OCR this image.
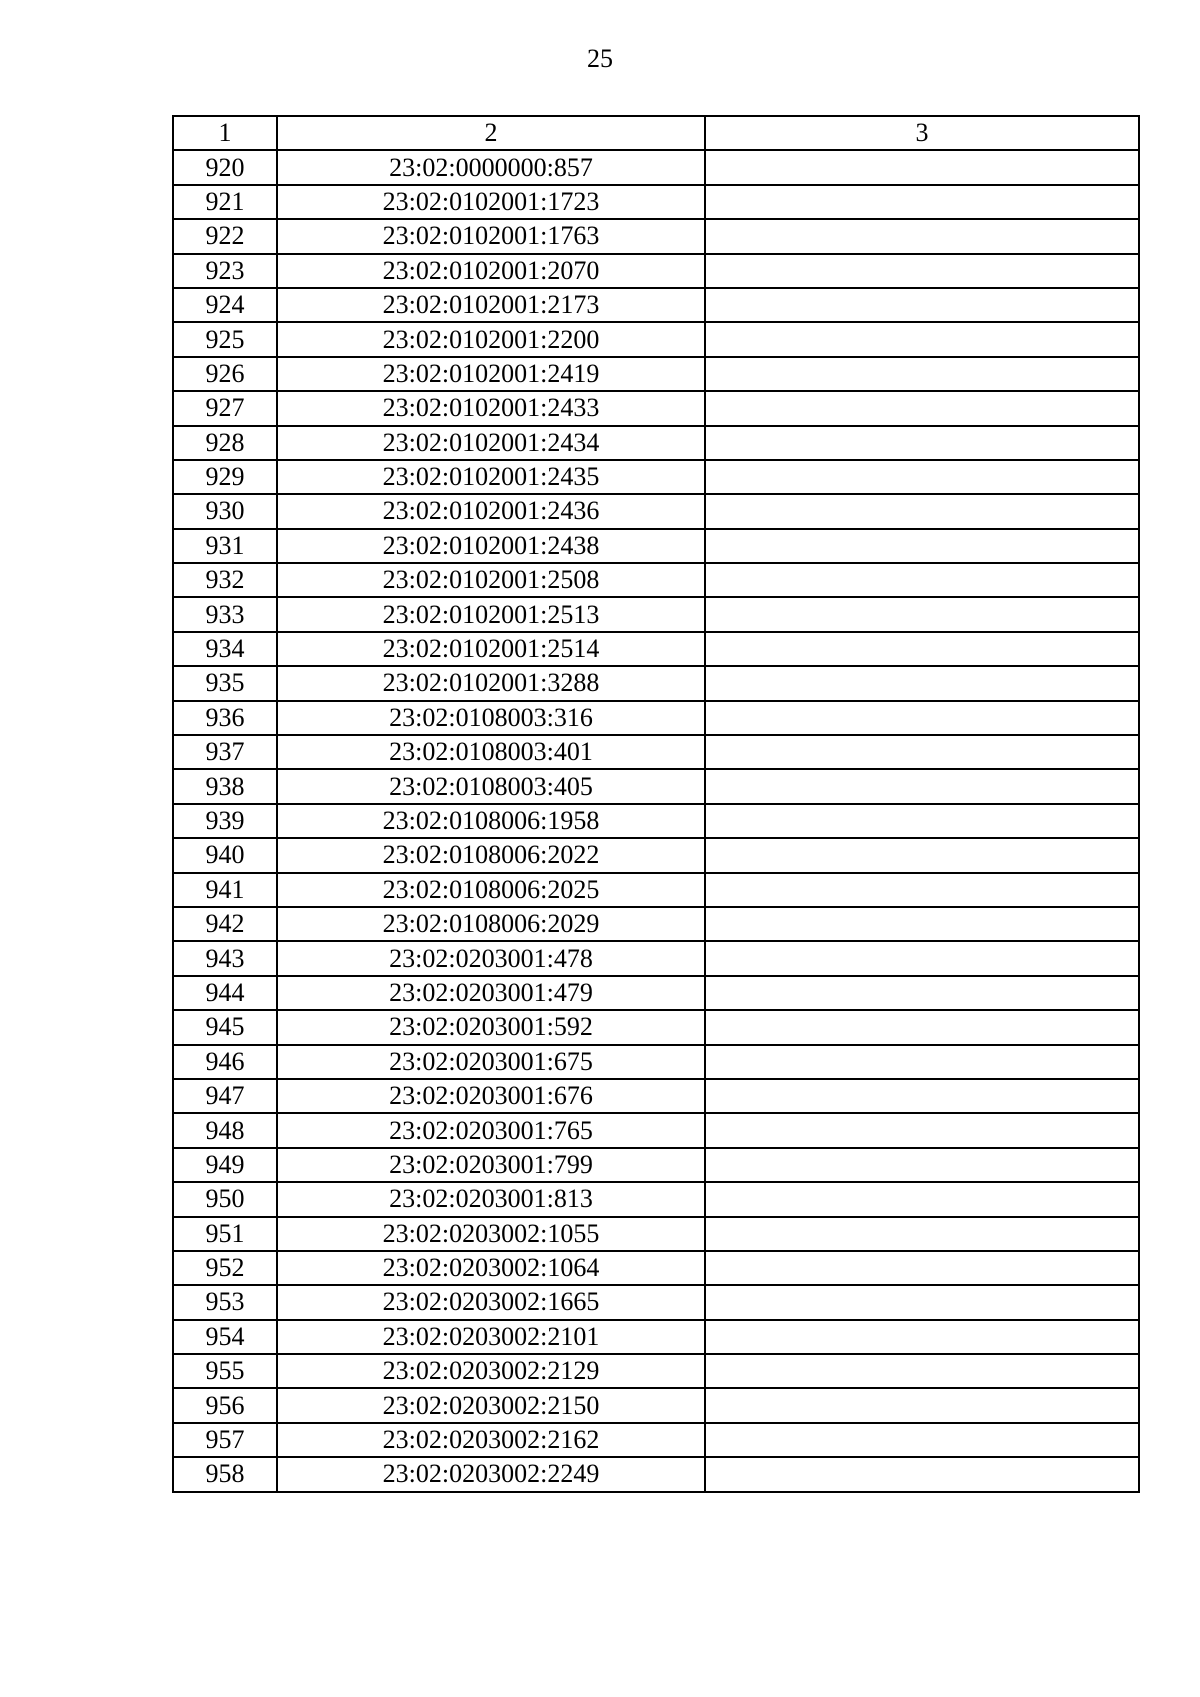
25
1	2	3
920	23:02:0000000:857	
921	23:02:0102001:1723	
922	23:02:0102001:1763	
923	23:02:0102001:2070	
924	23:02:0102001:2173	
925	23:02:0102001:2200	
926	23:02:0102001:2419	
927	23:02:0102001:2433	
928	23:02:0102001:2434	
929	23:02:0102001:2435	
930	23:02:0102001:2436	
931	23:02:0102001:2438	
932	23:02:0102001:2508	
933	23:02:0102001:2513	
934	23:02:0102001:2514	
935	23:02:0102001:3288	
936	23:02:0108003:316	
937	23:02:0108003:401	
938	23:02:0108003:405	
939	23:02:0108006:1958	
940	23:02:0108006:2022	
941	23:02:0108006:2025	
942	23:02:0108006:2029	
943	23:02:0203001:478	
944	23:02:0203001:479	
945	23:02:0203001:592	
946	23:02:0203001:675	
947	23:02:0203001:676	
948	23:02:0203001:765	
949	23:02:0203001:799	
950	23:02:0203001:813	
951	23:02:0203002:1055	
952	23:02:0203002:1064	
953	23:02:0203002:1665	
954	23:02:0203002:2101	
955	23:02:0203002:2129	
956	23:02:0203002:2150	
957	23:02:0203002:2162	
958	23:02:0203002:2249	
